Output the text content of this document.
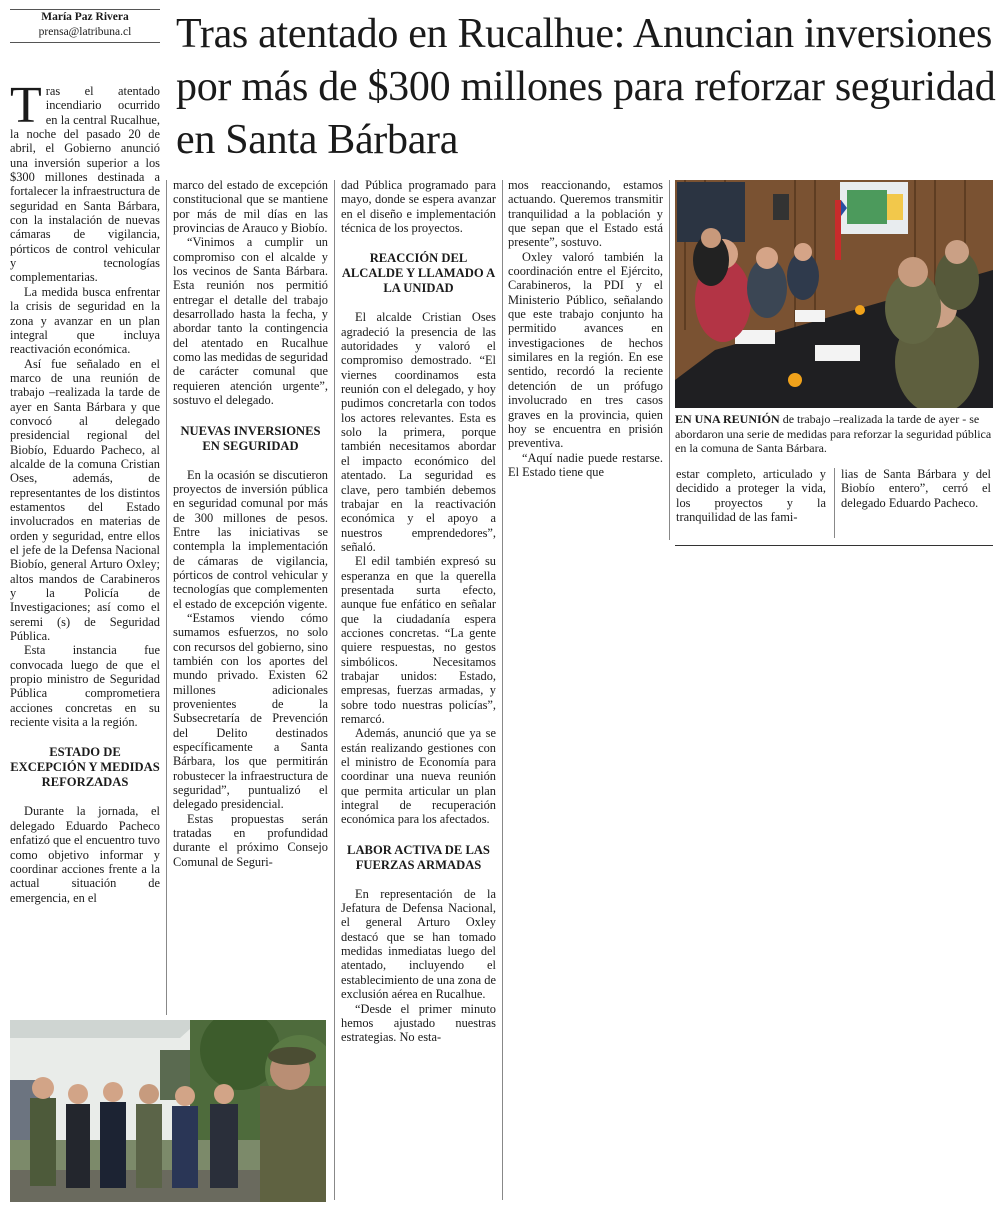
María Paz Rivera
prensa@latribuna.cl	Tras atentado en Rucalhue: Anuncian inversiones por más de $300 millones para reforzar seguridad en Santa Bárbara

Tras el atentado incendiario ocurrido en la central Rucalhue, la noche del pasado 20 de abril, el Gobierno anunció una inversión superior a los $300 millones destinada a fortalecer la infraestructura de seguridad en Santa Bárbara, con la instalación de nuevas cámaras de vigilancia, pórticos de control vehicular y tecnologías complementarias.

La medida busca enfrentar la crisis de seguridad en la zona y avanzar en un plan integral que incluya reactivación económica.

Así fue señalado en el marco de una reunión de trabajo –realizada la tarde de ayer en Santa Bárbara y que convocó al delegado presidencial regional del Biobío, Eduardo Pacheco, al alcalde de la comuna Cristian Oses, además, de representantes de los distintos estamentos del Estado involucrados en materias de orden y seguridad, entre ellos el jefe de la Defensa Nacional Biobío, general Arturo Oxley; altos mandos de Carabineros y la Policía de Investigaciones; así como el seremi (s) de Seguridad Pública.

Esta instancia fue convocada luego de que el propio ministro de Seguridad Pública comprometiera acciones concretas en su reciente visita a la región.

ESTADO DE EXCEPCIÓN Y MEDIDAS REFORZADAS

Durante la jornada, el delegado Eduardo Pacheco enfatizó que el encuentro tuvo como objetivo informar y coordinar acciones frente a la actual situación de emergencia, en el

marco del estado de excepción constitucional que se mantiene por más de mil días en las provincias de Arauco y Biobío.

“Vinimos a cumplir un compromiso con el alcalde y los vecinos de Santa Bárbara. Esta reunión nos permitió entregar el detalle del trabajo desarrollado hasta la fecha, y abordar tanto la contingencia del atentado en Rucalhue como las medidas de seguridad de carácter comunal que requieren atención urgente”, sostuvo el delegado.

NUEVAS INVERSIONES EN SEGURIDAD

En la ocasión se discutieron proyectos de inversión pública en seguridad comunal por más de 300 millones de pesos. Entre las iniciativas se contempla la implementación de cámaras de vigilancia, pórticos de control vehicular y tecnologías que complementen el estado de excepción vigente.

“Estamos viendo cómo sumamos esfuerzos, no solo con recursos del gobierno, sino también con los aportes del mundo privado. Existen 62 millones adicionales provenientes de la Subsecretaría de Prevención del Delito destinados específicamente a Santa Bárbara, los que permitirán robustecer la infraestructura de seguridad”, puntualizó el delegado presidencial.

Estas propuestas serán tratadas en profundidad durante el próximo Consejo Comunal de Seguri-

dad Pública programado para mayo, donde se espera avanzar en el diseño e implementación técnica de los proyectos.

REACCIÓN DEL ALCALDE Y LLAMADO A LA UNIDAD

El alcalde Cristian Oses agradeció la presencia de las autoridades y valoró el compromiso demostrado. “El viernes coordinamos esta reunión con el delegado, y hoy pudimos concretarla con todos los actores relevantes. Esta es solo la primera, porque también necesitamos abordar el impacto económico del atentado. La seguridad es clave, pero también debemos trabajar en la reactivación económica y el apoyo a nuestros emprendedores”, señaló.

El edil también expresó su esperanza en que la querella presentada surta efecto, aunque fue enfático en señalar que la ciudadanía espera acciones concretas. “La gente quiere respuestas, no gestos simbólicos. Necesitamos trabajar unidos: Estado, empresas, fuerzas armadas, y sobre todo nuestras policías”, remarcó.

Además, anunció que ya se están realizando gestiones con el ministro de Economía para coordinar una nueva reunión que permita articular un plan integral de recuperación económica para los afectados.

LABOR ACTIVA DE LAS FUERZAS ARMADAS

En representación de la Jefatura de Defensa Nacional, el general Arturo Oxley destacó que se han tomado medidas inmediatas luego del atentado, incluyendo el establecimiento de una zona de exclusión aérea en Rucalhue.

“Desde el primer minuto hemos ajustado nuestras estrategias. No esta-

mos reaccionando, estamos actuando. Queremos transmitir tranquilidad a la población y que sepan que el Estado está presente”, sostuvo.

Oxley valoró también la coordinación entre el Ejército, Carabineros, la PDI y el Ministerio Público, señalando que este trabajo conjunto ha permitido avances en investigaciones de hechos similares en la región. En ese sentido, recordó la reciente detención de un prófugo involucrado en tres casos graves en la provincia, quien hoy se encuentra en prisión preventiva.

“Aquí nadie puede restarse. El Estado tiene que

EN UNA REUNIÓN de trabajo –realizada la tarde de ayer - se abordaron una serie de medidas para reforzar la seguridad pública en la comuna de Santa Bárbara.

estar completo, articulado y decidido a proteger la vida, los proyectos y la tranquilidad de las fami-

lias de Santa Bárbara y del Biobío entero”, cerró el delegado Eduardo Pacheco.
